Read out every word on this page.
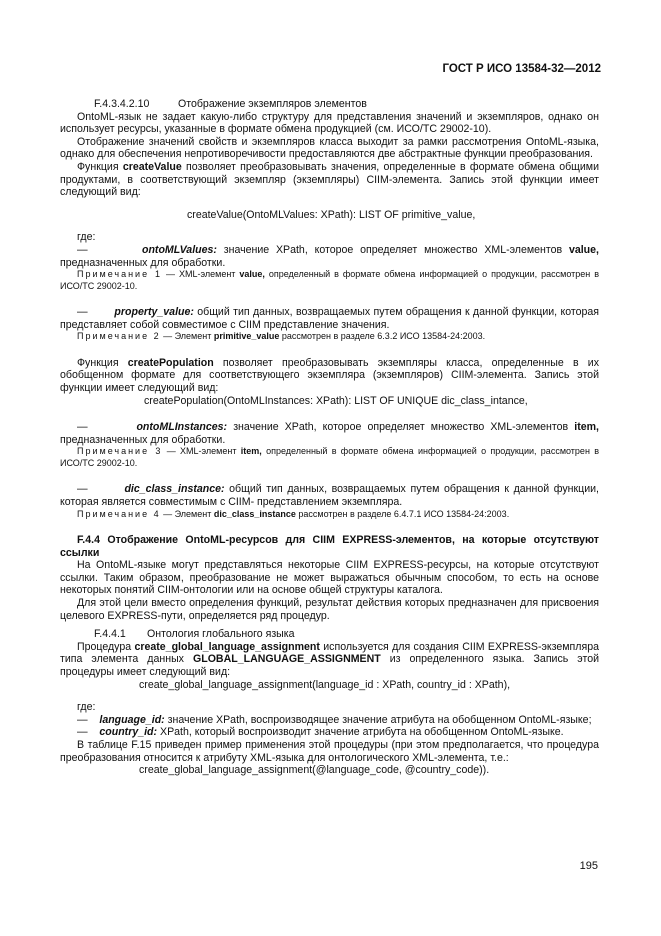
ГОСТ Р ИСО 13584-32—2012

F.4.3.4.2.10	Отображение экземпляров элементов

OntoML-язык не задает какую-либо структуру для представления значений и экземпляров, однако он использует ресурсы, указанные в формате обмена продукцией (см. ИСО/ТС 29002-10).

Отображение значений свойств и экземпляров класса выходит за рамки рассмотрения OntoML-языка, однако для обеспечения непротиворечивости предоставляются две абстрактные функции преобразования.

Функция createValue позволяет преобразовывать значения, определенные в формате обмена общими продуктами, в соответствующий экземпляр (экземпляры) CIIM-элемента. Запись этой функции имеет следующий вид:

createValue(OntoMLValues: XPath): LIST OF primitive_value,

где:

—	ontoMLValues: значение XPath, которое определяет множество XML-элементов value, предназначенных для обработки.

Примечание 1 — XML-элемент value, определенный в формате обмена информацией о продукции, рассмотрен в ИСО/ТС 29002-10.

—	property_value: общий тип данных, возвращаемых путем обращения к данной функции, которая представляет собой совместимое с CIIM представление значения.

Примечание 2 — Элемент primitive_value рассмотрен в разделе 6.3.2 ИСО 13584-24:2003.

Функция createPopulation позволяет преобразовывать экземпляры класса, определенные в их обобщенном формате для соответствующего экземпляра (экземпляров) CIIM-элемента. Запись этой функции имеет следующий вид:

createPopulation(OntoMLInstances: XPath): LIST OF UNIQUE dic_class_intance,

—	ontoMLInstances: значение XPath, которое определяет множество XML-элементов item, предназначенных для обработки.

Примечание 3 — XML-элемент item, определенный в формате обмена информацией о продукции, рассмотрен в ИСО/ТС 29002-10.

—	dic_class_instance: общий тип данных, возвращаемых путем обращения к данной функции, которая является совместимым с CIIM- представлением экземпляра.

Примечание 4 — Элемент dic_class_instance рассмотрен в разделе 6.4.7.1 ИСО 13584-24:2003.

F.4.4 Отображение OntoML-ресурсов для CIIM EXPRESS-элементов, на которые отсутствуют ссылки

На OntoML-языке могут представляться некоторые CIIM EXPRESS-ресурсы, на которые отсутствуют ссылки. Таким образом, преобразование не может выражаться обычным способом, то есть на основе некоторых понятий CIIM-онтологии или на основе общей структуры каталога.

Для этой цели вместо определения функций, результат действия которых предназначен для присвоения целевого EXPRESS-пути, определяется ряд процедур.

F.4.4.1 Онтология глобального языка

Процедура create_global_language_assignment используется для создания CIIM EXPRESS-экземпляра типа элемента данных GLOBAL_LANGUAGE_ASSIGNMENT из определенного языка. Запись этой процедуры имеет следующий вид:

create_global_language_assignment(language_id : XPath, country_id : XPath),

где:

— language_id: значение XPath, воспроизводящее значение атрибута на обобщенном OntoML-языке;

— country_id: XPath, который воспроизводит значение атрибута на обобщенном OntoML-языке.

В таблице F.15 приведен пример применения этой процедуры (при этом предполагается, что процедура преобразования относится к атрибуту XML-языка для онтологического XML-элемента, т.е.:

create_global_language_assignment(@language_code, @country_code)).

195
